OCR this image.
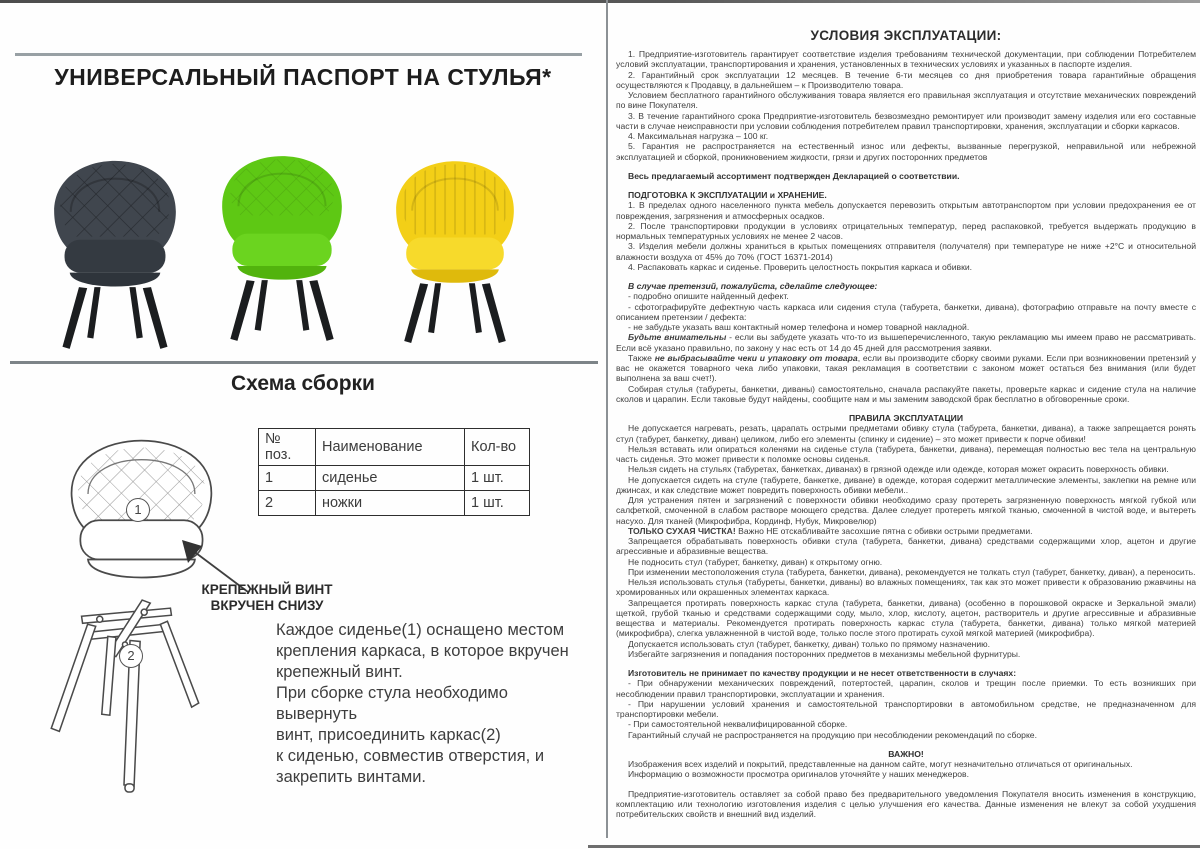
УНИВЕРСАЛЬНЫЙ ПАСПОРТ НА СТУЛЬЯ*
Схема сборки
1
№ поз.	Наименование	Кол-во
1	сиденье	1 шт.
2	ножки	1 шт.
КРЕПЕЖНЫЙ ВИНТ
ВКРУЧЕН СНИЗУ
2
Каждое сиденье(1) оснащено местом
крепления каркаса, в которое вкручен
крепежный винт.
При сборке стула необходимо вывернуть
винт, присоединить каркас(2)
к сиденью, совместив отверстия, и
закрепить винтами.

УСЛОВИЯ ЭКСПЛУАТАЦИИ:

1. Предприятие-изготовитель гарантирует соответствие изделия требованиям технической документации, при соблюдении Потребителем условий эксплуатации, транспортирования и хранения, установленных в технических условиях и указанных в паспорте изделия.

2. Гарантийный срок эксплуатации 12 месяцев. В течение 6-ти месяцев со дня приобретения товара гарантийные обращения осуществляются к Продавцу, в дальнейшем – к Производителю товара.

Условием бесплатного гарантийного обслуживания товара является его правильная эксплуатация и отсутствие механических повреждений по вине Покупателя.

3. В течение гарантийного срока Предприятие-изготовитель безвозмездно ремонтирует или производит замену изделия или его составные части в случае неисправности при условии соблюдения потребителем правил транспортировки, хранения, эксплуатации и сборки каркасов.

4. Максимальная нагрузка – 100 кг.

5. Гарантия не распространяется на естественный износ или дефекты, вызванные перегрузкой, неправильной или небрежной эксплуатацией и сборкой, проникновением жидкости, грязи и других посторонних предметов

Весь предлагаемый ассортимент подтвержден Декларацией о соответствии.

ПОДГОТОВКА К ЭКСПЛУАТАЦИИ и ХРАНЕНИЕ.

1. В пределах одного населенного пункта мебель допускается перевозить открытым автотранспортом при условии предохранения ее от повреждения, загрязнения и атмосферных осадков.

2. После транспортировки продукции в условиях отрицательных температур, перед распаковкой, требуется выдержать продукцию в нормальных температурных условиях не менее 2 часов.

3. Изделия мебели должны храниться в крытых помещениях отправителя (получателя) при температуре не ниже +2°С и относительной влажности воздуха от 45% до 70% (ГОСТ 16371-2014)

4. Распаковать каркас и сиденье. Проверить целостность покрытия каркаса и обивки.

В случае претензий, пожалуйста, сделайте следующее:

- подробно опишите найденный дефект.

- сфотографируйте дефектную часть каркаса или сидения стула (табурета, банкетки, дивана), фотографию отправьте на почту вместе с описанием претензии / дефекта:

- не забудьте указать ваш контактный номер телефона и номер товарной накладной.

Будьте внимательны - если вы забудете указать что-то из вышеперечисленного, такую рекламацию мы имеем право не рассматривать. Если всё указано правильно, по закону у нас есть от 14 до 45 дней для рассмотрения заявки.

Также не выбрасывайте чеки и упаковку от товара, если вы производите сборку своими руками. Если при возникновении претензий у вас не окажется товарного чека либо упаковки, такая рекламация в соответствии с законом может остаться без внимания (или будет выполнена за ваш счет!).

Собирая стулья (табуреты, банкетки, диваны) самостоятельно, сначала распакуйте пакеты, проверьте каркас и сидение стула на наличие сколов и царапин. Если таковые будут найдены, сообщите нам и мы заменим заводской брак бесплатно в обговоренные сроки.

ПРАВИЛА ЭКСПЛУАТАЦИИ

Не допускается нагревать, резать, царапать острыми предметами обивку стула (табурета, банкетки, дивана), а также запрещается ронять стул (табурет, банкетку, диван) целиком, либо его элементы (спинку и сидение) – это может привести к порче обивки!

Нельзя вставать или опираться коленями на сиденье стула (табурета, банкетки, дивана), перемещая полностью вес тела на центральную часть сиденья. Это может привести к поломке основы сиденья.

Нельзя сидеть на стульях (табуретах, банкетках, диванах) в грязной одежде или одежде, которая может окрасить поверхность обивки.

Не допускается сидеть на стуле (табурете, банкетке, диване) в одежде, которая содержит металлические элементы, заклепки на ремне или джинсах, и как следствие может повредить поверхность обивки мебели..

Для устранения пятен и загрязнений с поверхности обивки необходимо сразу протереть загрязненную поверхность мягкой губкой или салфеткой, смоченной в слабом растворе моющего средства. Далее следует протереть мягкой тканью, смоченной в чистой воде, и вытереть насухо. Для тканей (Микрофибра, Кординф, Нубук, Микровелюр)

ТОЛЬКО СУХАЯ ЧИСТКА! Важно НЕ отскабливайте засохшие пятна с обивки острыми предметами.

Запрещается обрабатывать поверхность обивки стула (табурета, банкетки, дивана) средствами содержащими хлор, ацетон и другие агрессивные и абразивные вещества.

Не подносить стул (табурет, банкетку, диван) к открытому огню.

При изменении местоположения стула (табурета, банкетки, дивана), рекомендуется не толкать стул (табурет, банкетку, диван), а переносить.

Нельзя использовать стулья (табуреты, банкетки, диваны) во влажных помещениях, так как это может привести к образованию ржавчины на хромированных или окрашенных элементах каркаса.

Запрещается протирать поверхность каркас стула (табурета, банкетки, дивана) (особенно в порошковой окраске и Зеркальной эмали) щеткой, грубой тканью и средствами содержащими соду, мыло, хлор, кислоту, ацетон, растворитель и другие агрессивные и абразивные вещества и материалы. Рекомендуется протирать поверхность каркас стула (табурета, банкетки, дивана) только мягкой материей (микрофибра), слегка увлажненной в чистой воде, только после этого протирать сухой мягкой материей (микрофибра).

Допускается использовать стул (табурет, банкетку, диван) только по прямому назначению.

Избегайте загрязнения и попадания посторонних предметов в механизмы мебельной фурнитуры.

Изготовитель не принимает по качеству продукции и не несет ответственности в случаях:

- При обнаружении механических повреждений, потертостей, царапин, сколов и трещин после приемки. То есть возникших при несоблюдении правил транспортировки, эксплуатации и хранения.

- При нарушении условий хранения и самостоятельной транспортировки в автомобильном средстве, не предназначенном для транспортировки мебели.

- При самостоятельной неквалифицированной сборке.

Гарантийный случай не распространяется на продукцию при несоблюдении рекомендаций по сборке.

ВАЖНО!

Изображения всех изделий и покрытий, представленные на данном сайте, могут незначительно отличаться от оригинальных.

Информацию о возможности просмотра оригиналов уточняйте у наших менеджеров.

Предприятие-изготовитель оставляет за собой право без предварительного уведомления Покупателя вносить изменения в конструкцию, комплектацию или технологию изготовления изделия с целью улучшения его качества. Данные изменения не влекут за собой ухудшения потребительских свойств и внешний вид изделий.
